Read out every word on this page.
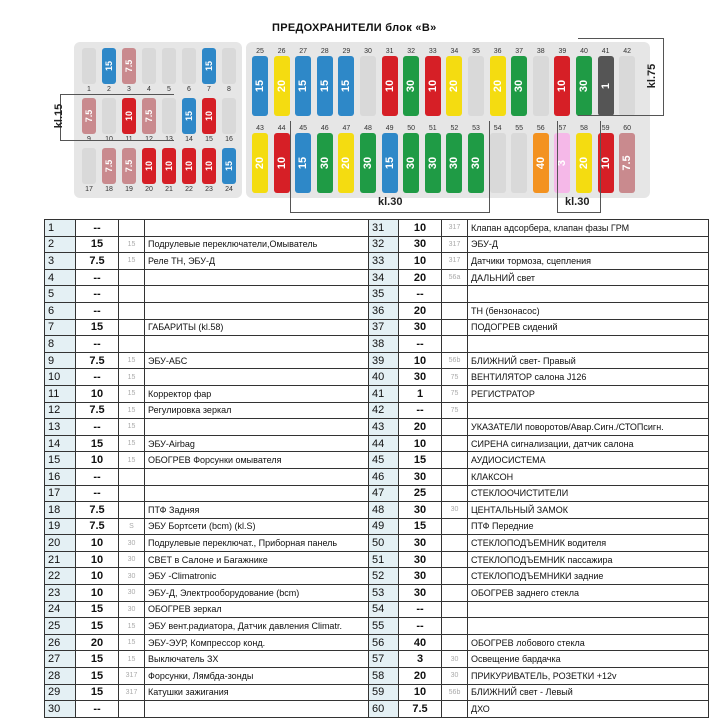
ПРЕДОХРАНИТЕЛИ блок «В»
1	2
15
3
7.5
4	5	6	7
15
8
9
7.5
10	11
10
12
7.5
13	14
15
15
10
16
17	18
7.5
19
7.5
20
10
21
10
22
10
23
10
24
15
25
15
26
20
27
15
28
15
29
15
30	31
10
32
30
33
10
34
20
35	36
20
37
30
38	39
10
40
30
41
1
42
43
20
44
10
45
15
46
30
47
20
48
30
49
15
50
30
51
30
52
30
53
30
54	55	56
40
57
3
58
20
59
10
60
7.5
kl.15
kl.30	kl.30
kl.75
1	--			31	10	317	Клапан адсорбера, клапан фазы ГРМ
2	15	15	Подрулевые переключатели,Омыватель	32	30	317	ЭБУ-Д
3	7.5	15	Реле ТН, ЭБУ-Д	33	10	317	Датчики тормоза, сцепления
4	--			34	20	56a	ДАЛЬНИЙ свет
5	--			35	--		
6	--			36	20		ТН (бензонасос)
7	15		ГАБАРИТЫ (kl.58)	37	30		ПОДОГРЕВ сидений
8	--			38	--		
9	7.5	15	ЭБУ-АБС	39	10	56b	БЛИЖНИЙ свет- Правый
10	--	15		40	30	75	ВЕНТИЛЯТОР салона J126
11	10	15	Корректор фар	41	1	75	РЕГИСТРАТОР
12	7.5	15	Регулировка зеркал	42	--	75	
13	--	15		43	20		УКАЗАТЕЛИ поворотов/Авар.Сигн./СТОПсигн.
14	15	15	ЭБУ-Airbag	44	10		СИРЕНА сигнализации, датчик салона
15	10	15	ОБОГРЕВ Форсунки омывателя	45	15		АУДИОСИСТЕМА
16	--			46	30		КЛАКСОН
17	--			47	25		СТЕКЛООЧИСТИТЕЛИ
18	7.5		ПТФ Задняя	48	30	30	ЦЕНТАЛЬНЫЙ ЗАМОК
19	7.5	S	ЭБУ Бортсети (bcm) (kl.S)	49	15		ПТФ Передние
20	10	30	Подрулевые переключат., Приборная панель	50	30		СТЕКЛОПОДЪЕМНИК водителя
21	10	30	СВЕТ в Салоне и Багажнике	51	30		СТЕКЛОПОДЪЕМНИК пассажира
22	10	30	ЭБУ -Climatronic	52	30		СТЕКЛОПОДЪЕМНИКИ задние
23	10	30	ЭБУ-Д, Электрооборудование (bcm)	53	30		ОБОГРЕВ заднего стекла
24	15	30	ОБОГРЕВ зеркал	54	--		
25	15	15	ЭБУ вент.радиатора, Датчик давления Climatr.	55	--		
26	20	15	ЭБУ-ЭУР, Компрессор конд.	56	40		ОБОГРЕВ лобового стекла
27	15	15	Выключатель ЗХ	57	3	30	Освещение бардачка
28	15	317	Форсунки, Лямбда-зонды	58	20	30	ПРИКУРИВАТЕЛЬ, РОЗЕТКИ +12v
29	15	317	Катушки зажигания	59	10	56b	БЛИЖНИЙ свет - Левый
30	--			60	7.5		ДХО
